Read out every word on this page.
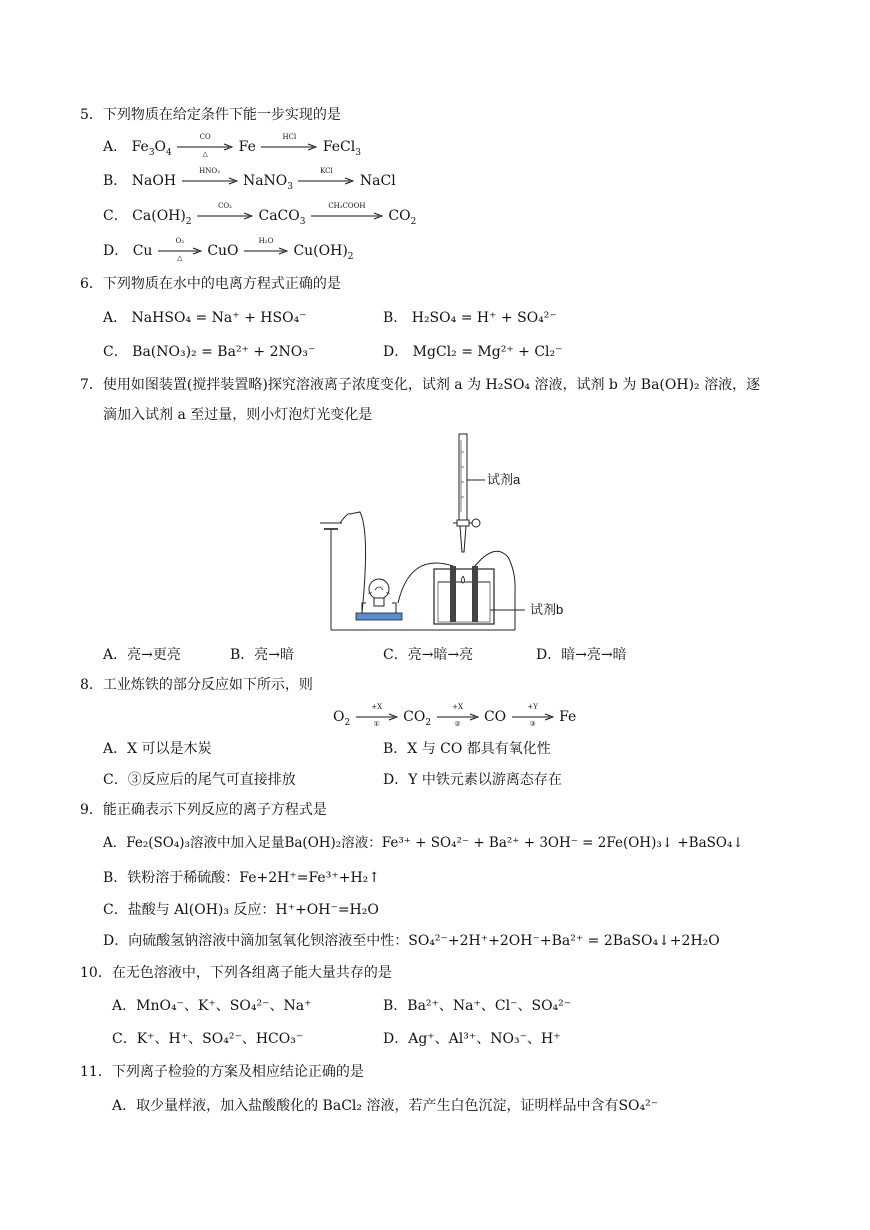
5．下列物质在给定条件下能一步实现的是
A． $Fe_3O_4$
CO
△	Fe
HCl
FeCl$_3$
B． NaOH
HNO₃
NaNO$_3$
KCl
NaCl
C． $Ca(OH)_2$
CO₂
CaCO$_3$
CH₃COOH
$CO_2$
D． Cu
O₂
△	CuO
H₂O
$Cu(OH)_2$
6．下列物质在水中的电离方程式正确的是
A． NaHSO₄ = Na⁺ + HSO₄⁻	B． H₂SO₄ = H⁺ + SO₄²⁻
C． Ba(NO₃)₂ = Ba²⁺ + 2NO₃⁻	D． MgCl₂ = Mg²⁺ + Cl₂⁻
7．使用如图装置(搅拌装置略)探究溶液离子浓度变化，试剂 a 为 H₂SO₄ 溶液，试剂 b 为 Ba(OH)₂ 溶液，逐
滴加入试剂 a 至过量，则小灯泡灯光变化是
试剂a
试剂b
A．亮→更亮	B．亮→暗	C．亮→暗→亮	D．暗→亮→暗
8．工业炼铁的部分反应如下所示，则
$O_2$
+X
①	$CO_2$
+X
②	CO
+Y
③	Fe
A．X 可以是木炭	B．X 与 CO 都具有氧化性
C．③反应后的尾气可直接排放	D．Y 中铁元素以游离态存在
9．能正确表示下列反应的离子方程式是
A．Fe₂(SO₄)₃溶液中加入足量Ba(OH)₂溶液：Fe³⁺ + SO₄²⁻ + Ba²⁺ + 3OH⁻ = 2Fe(OH)₃↓ +BaSO₄↓
B．铁粉溶于稀硫酸：Fe+2H⁺=Fe³⁺+H₂↑
C．盐酸与 Al(OH)₃ 反应：H⁺+OH⁻=H₂O
D．向硫酸氢钠溶液中滴加氢氧化钡溶液至中性：SO₄²⁻+2H⁺+2OH⁻+Ba²⁺ = 2BaSO₄↓+2H₂O
10．在无色溶液中，下列各组离子能大量共存的是
A．MnO₄⁻、K⁺、SO₄²⁻、Na⁺	B．Ba²⁺、Na⁺、Cl⁻、SO₄²⁻
C．K⁺、H⁺、SO₄²⁻、HCO₃⁻	D．Ag⁺、Al³⁺、NO₃⁻、H⁺
11．下列离子检验的方案及相应结论正确的是
A．取少量样液，加入盐酸酸化的 BaCl₂ 溶液，若产生白色沉淀，证明样品中含有SO₄²⁻
